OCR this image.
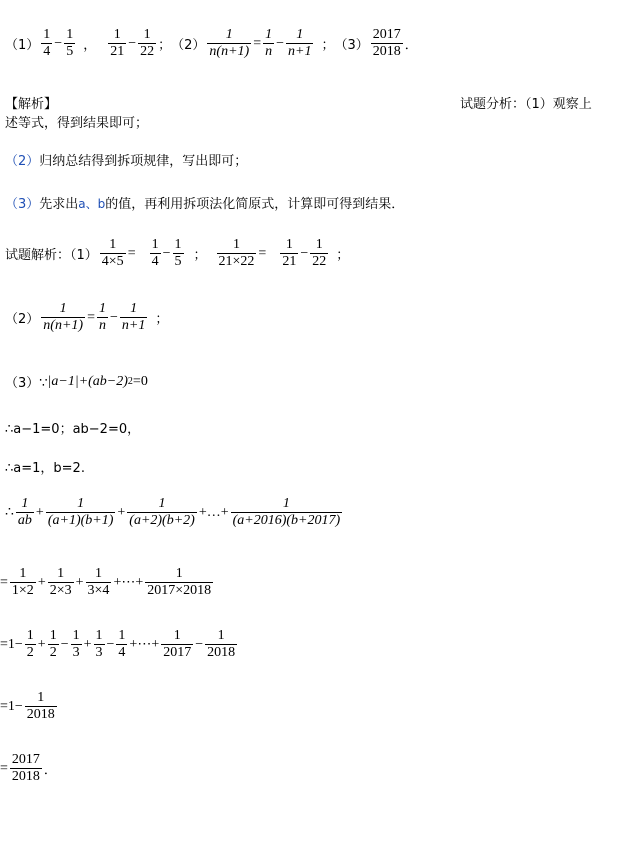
$(1) \frac{1}{4} - \frac{1}{5}$ ， $\frac{1}{21} - \frac{1}{22}$ ； $(2) \frac{1}{n(n+1)} = \frac{1}{n} - \frac{1}{n+1}$ ； $(3) \frac{2017}{2018}$ ．
【解析】	试题分析：（1）观察上
述等式，得到结果即可；
（2）归纳总结得到拆项规律，写出即可；
（3）先求出a、b的值，再利用拆项法化简原式，计算即可得到结果．
试题解析：$(1) \frac{1}{4\times 5} = \frac{1}{4} - \frac{1}{5}$ ； $\frac{1}{21\times 22} = \frac{1}{21} - \frac{1}{22}$ ；
$(2) \frac{1}{n(n+1)} = \frac{1}{n} - \frac{1}{n+1}$ ；
（3）∵ |a−1|+(ab−2) 2 =0
∴a−1=0；ab−2=0，
∴a=1，b=2.
∴ $\frac{1}{ab} + \frac{1}{(a+1)(b+1)} + \frac{1}{(a+2)(b+2)}$ +…+ $\frac{1}{(a+2016)(b+2017)}$
= $\frac{1}{1\times 2} + \frac{1}{2\times 3} + \frac{1}{3\times 4}$ +⋯+ $\frac{1}{2017\times 2018}$
$=1- \frac{1}{2} + \frac{1}{2} - \frac{1}{3} + \frac{1}{3} - \frac{1}{4}$ +⋯+ $\frac{1}{2017} - \frac{1}{2018}$
$=1- \frac{1}{2018}$
= $\frac{2017}{2018}$ ．
